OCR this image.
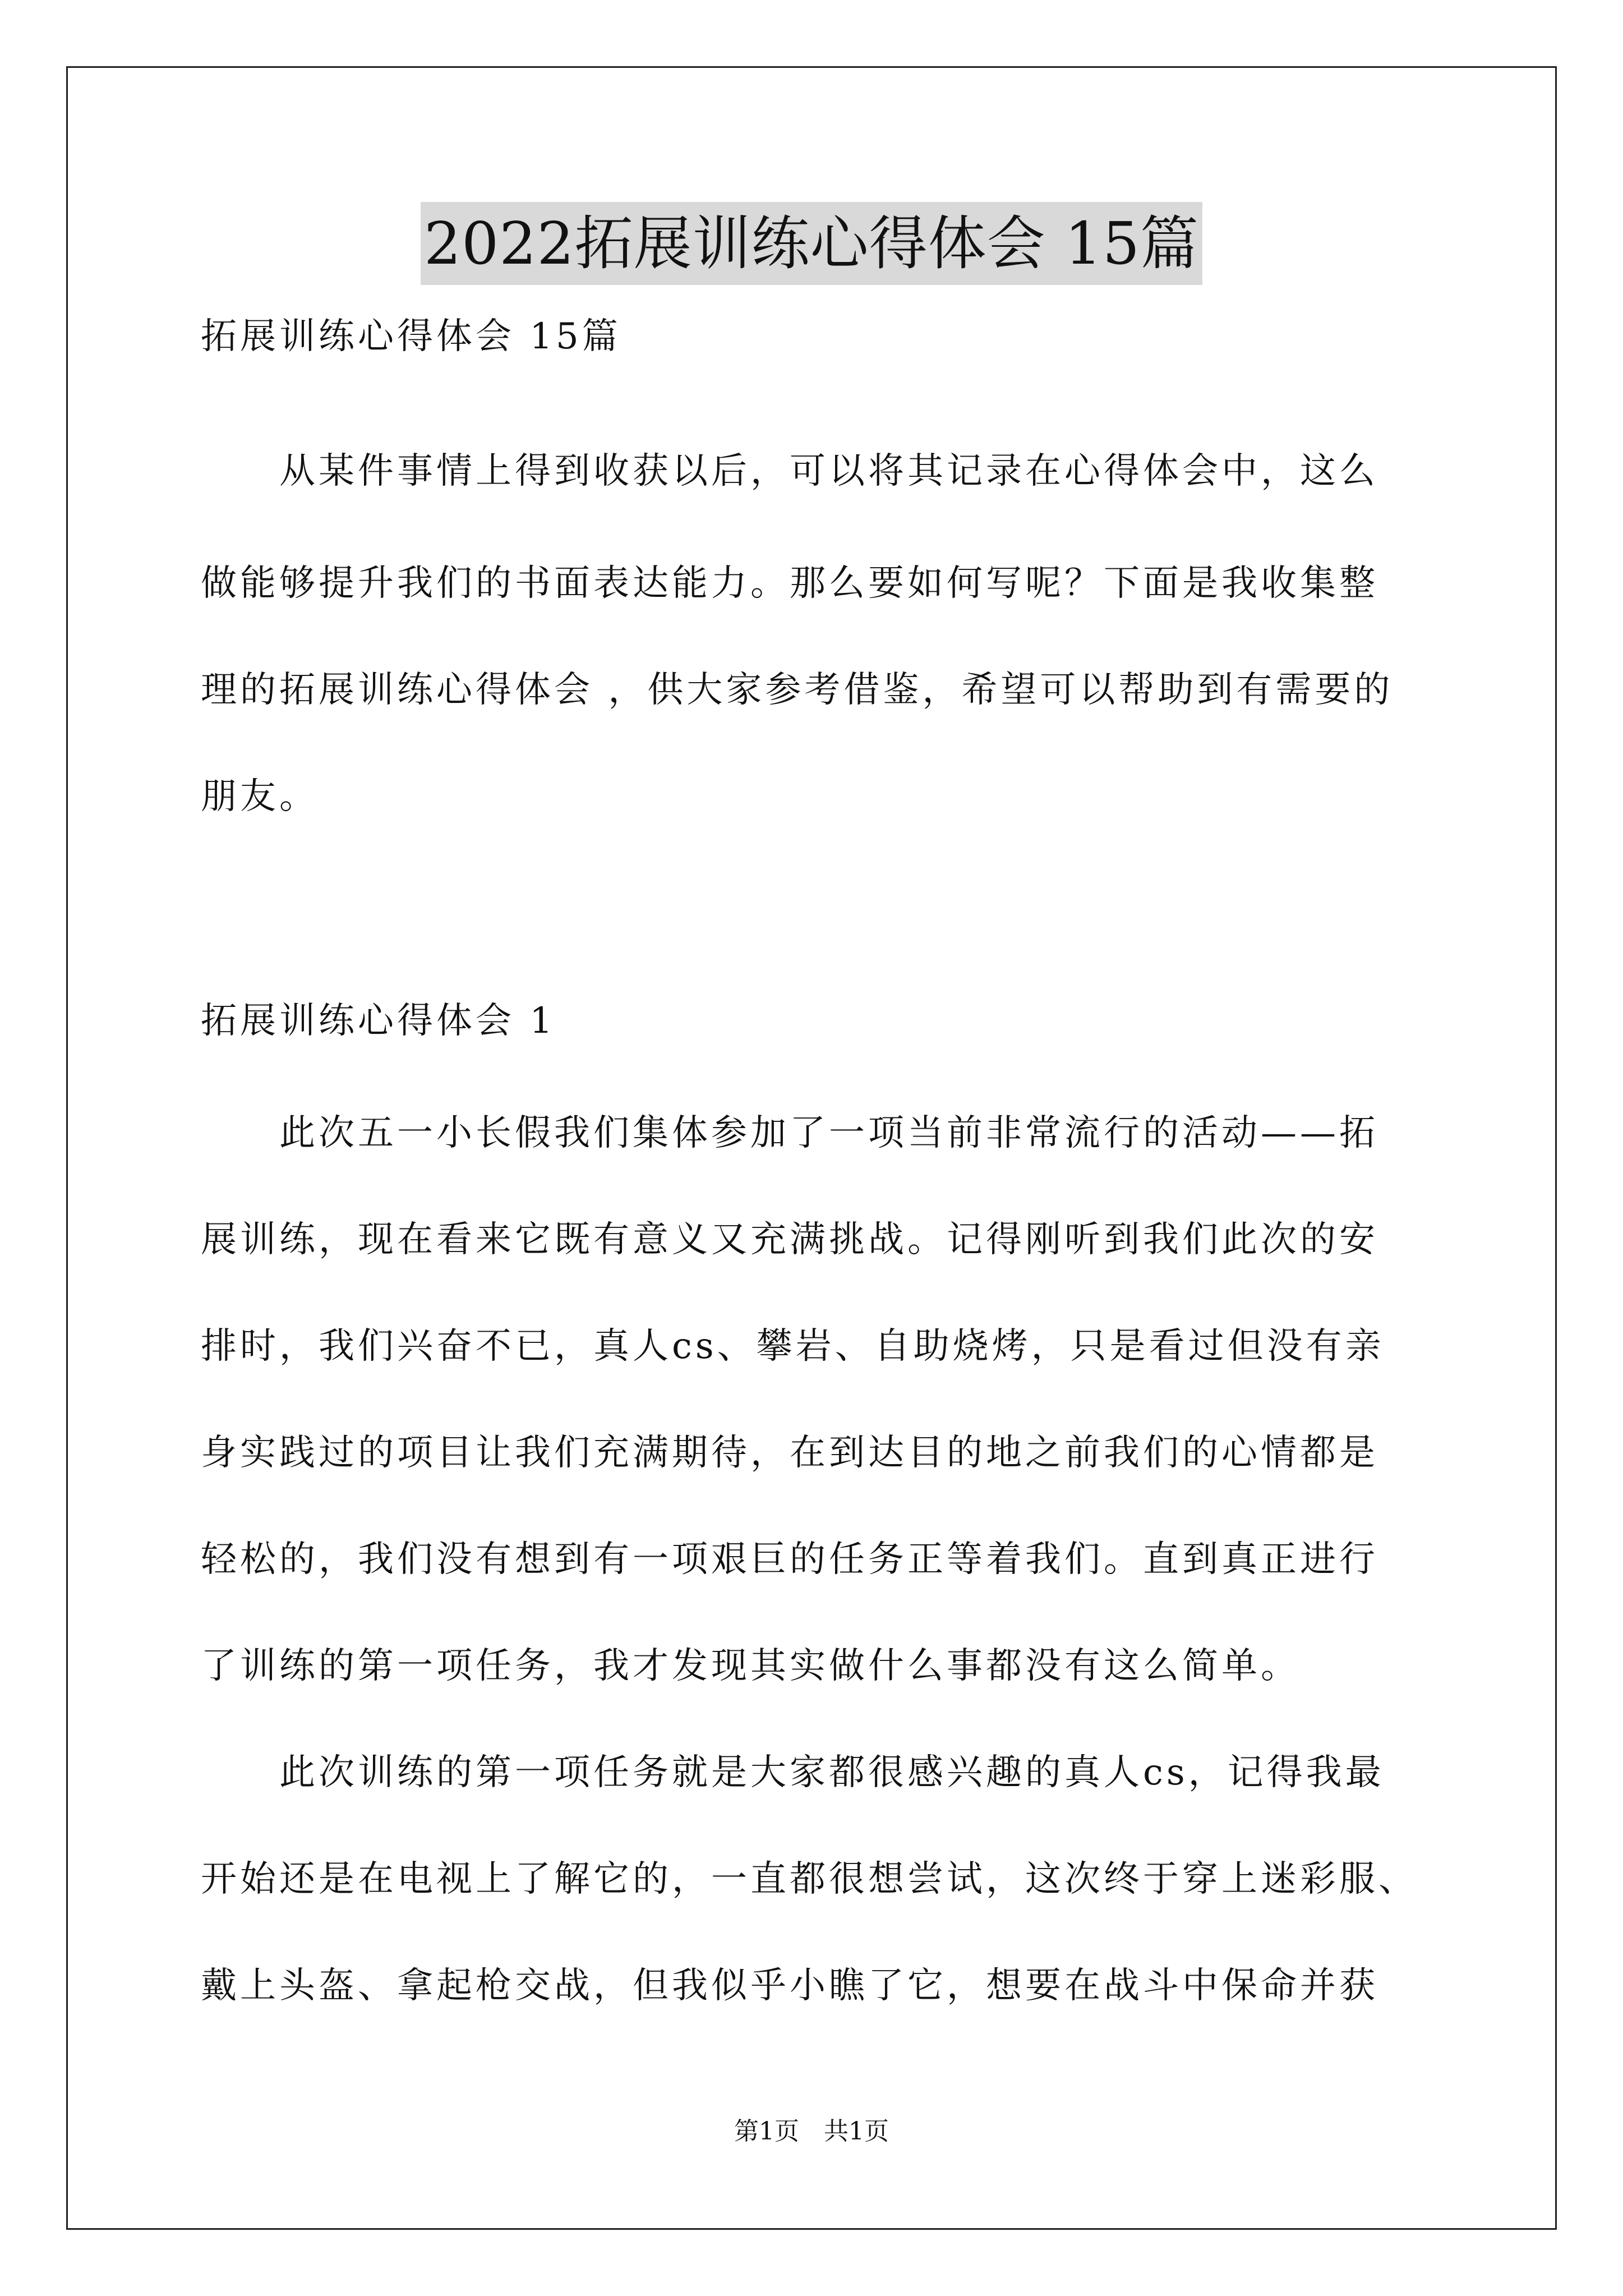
2022拓展训练心得体会 15篇
拓展训练心得体会 15篇
　　从某件事情上得到收获以后，可以将其记录在心得体会中，这么
做能够提升我们的书面表达能力。那么要如何写呢？下面是我收集整
理的拓展训练心得体会 ，供大家参考借鉴，希望可以帮助到有需要的
朋友。
拓展训练心得体会 1
　　此次五一小长假我们集体参加了一项当前非常流行的活动——拓
展训练，现在看来它既有意义又充满挑战。记得刚听到我们此次的安
排时，我们兴奋不已，真人cs、攀岩、自助烧烤，只是看过但没有亲
身实践过的项目让我们充满期待，在到达目的地之前我们的心情都是
轻松的，我们没有想到有一项艰巨的任务正等着我们。直到真正进行
了训练的第一项任务，我才发现其实做什么事都没有这么简单。
　　此次训练的第一项任务就是大家都很感兴趣的真人cs，记得我最
开始还是在电视上了解它的，一直都很想尝试，这次终于穿上迷彩服、
戴上头盔、拿起枪交战，但我似乎小瞧了它，想要在战斗中保命并获
第1页　共1页
